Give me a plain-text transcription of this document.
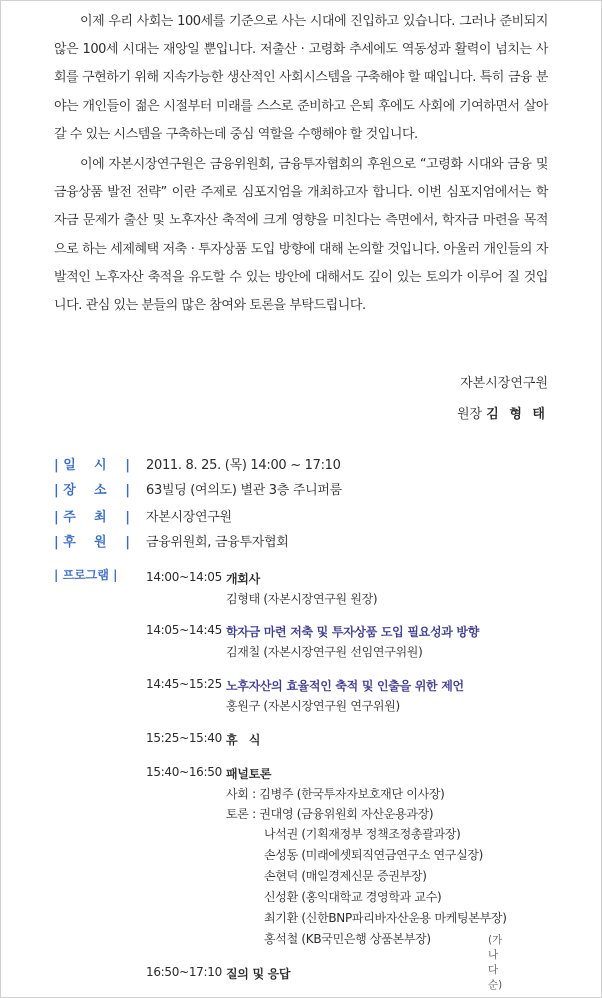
이제 우리 사회는 100세를 기준으로 사는 시대에 진입하고 있습니다. 그러나 준비되지 않은 100세 시대는 재앙일 뿐입니다. 저출산 · 고령화 추세에도 역동성과 활력이 넘치는 사회를 구현하기 위해 지속가능한 생산적인 사회시스템을 구축해야 할 때입니다. 특히 금융 분야는 개인들이 젊은 시절부터 미래를 스스로 준비하고 은퇴 후에도 사회에 기여하면서 살아갈 수 있는 시스템을 구축하는데 중심 역할을 수행해야 할 것입니다.

이에 자본시장연구원은 금융위원회, 금융투자협회의 후원으로 “고령화 시대와 금융 및 금융상품 발전 전략” 이란 주제로 심포지엄을 개최하고자 합니다. 이번 심포지엄에서는 학자금 문제가 출산 및 노후자산 축적에 크게 영향을 미친다는 측면에서, 학자금 마련을 목적으로 하는 세제혜택 저축 · 투자상품 도입 방향에 대해 논의할 것입니다. 아울러 개인들의 자발적인 노후자산 축적을 유도할 수 있는 방안에 대해서도 깊이 있는 토의가 이루어 질 것입니다. 관심 있는 분들의 많은 참여와 토론을 부탁드립니다.

자본시장연구원
원장 김 형 태
| 일    시 | 2011. 8. 25. (목) 14:00 ~ 17:10
| 장    소 | 63빌딩 (여의도) 별관 3층 주니퍼룸
| 주    최 | 자본시장연구원
| 후    원 | 금융위원회, 금융투자협회
| 프로그램 | 14:00~14:05 개회사
김형태 (자본시장연구원 원장)
14:05~14:45 학자금 마련 저축 및 투자상품 도입 필요성과 방향
김재칠 (자본시장연구원 선임연구위원)
14:45~15:25 노후자산의 효율적인 축적 및 인출을 위한 제언
홍원구 (자본시장연구원 연구위원)
15:25~15:40 휴   식
15:40~16:50 패널토론
사회 : 김병주 (한국투자자보호재단 이사장)
토론 : 권대영 (금융위원회 자산운용과장)
나석권 (기획재정부 정책조정총괄과장)
손성동 (미래에셋퇴직연금연구소 연구실장)
손현덕 (매일경제신문 증권부장)
신성환 (홍익대학교 경영학과 교수)
최기환 (신한BNP파리바자산운용 마케팅본부장)
홍석철 (KB국민은행 상품본부장)	(가나다 순)
16:50~17:10 질의 및 응답
